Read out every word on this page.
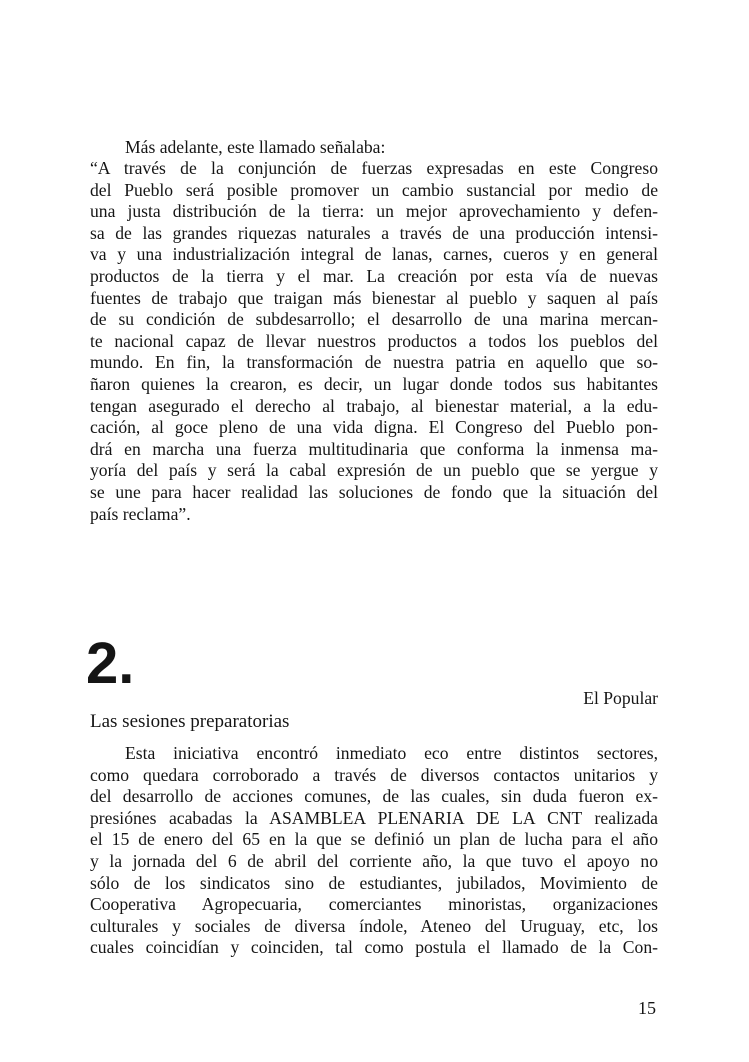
Más adelante, este llamado señalaba:
“A través de la conjunción de fuerzas expresadas en este Congreso
del Pueblo será posible promover un cambio sustancial por medio de
una justa distribución de la tierra: un mejor aprovechamiento y defen-
sa de las grandes riquezas naturales a través de una producción intensi-
va y una industrialización integral de lanas, carnes, cueros y en general
productos de la tierra y el mar. La creación por esta vía de nuevas
fuentes de trabajo que traigan más bienestar al pueblo y saquen al país
de su condición de subdesarrollo; el desarrollo de una marina mercan-
te nacional capaz de llevar nuestros productos a todos los pueblos del
mundo. En fin, la transformación de nuestra patria en aquello que so-
ñaron quienes la crearon, es decir, un lugar donde todos sus habitantes
tengan asegurado el derecho al trabajo, al bienestar material, a la edu-
cación, al goce pleno de una vida digna. El Congreso del Pueblo pon-
drá en marcha una fuerza multitudinaria que conforma la inmensa ma-
yoría del país y será la cabal expresión de un pueblo que se yergue y
se une para hacer realidad las soluciones de fondo que la situación del
país reclama”.
2.
El Popular
Las sesiones preparatorias
Esta iniciativa encontró inmediato eco entre distintos sectores,
como quedara corroborado a través de diversos contactos unitarios y
del desarrollo de acciones comunes, de las cuales, sin duda fueron ex-
presiónes acabadas la ASAMBLEA PLENARIA DE LA CNT realizada
el 15 de enero del 65 en la que se definió un plan de lucha para el año
y la jornada del 6 de abril del corriente año, la que tuvo el apoyo no
sólo de los sindicatos sino de estudiantes, jubilados, Movimiento de
Cooperativa Agropecuaria, comerciantes minoristas, organizaciones
culturales y sociales de diversa índole, Ateneo del Uruguay, etc, los
cuales coincidían y coinciden, tal como postula el llamado de la Con-
15
